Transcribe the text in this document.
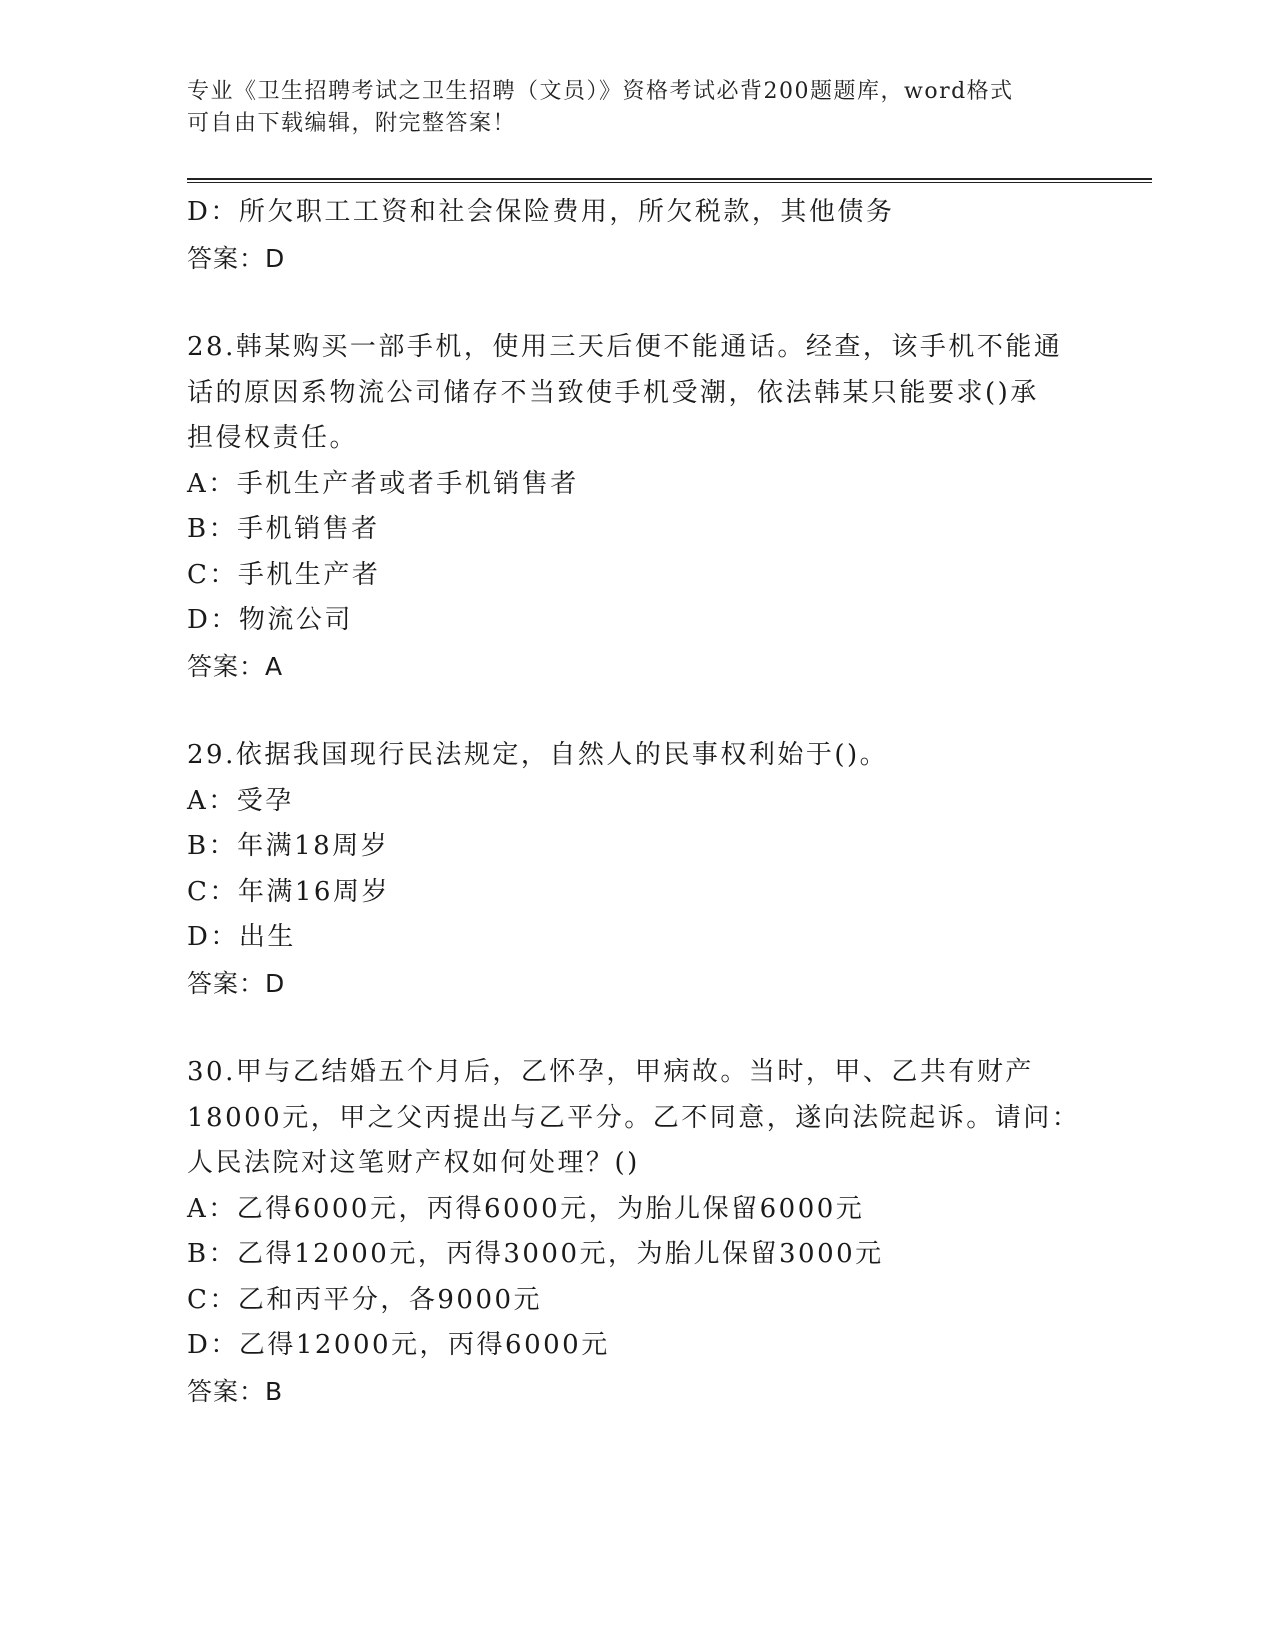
专业《卫生招聘考试之卫生招聘（文员）》资格考试必背200题题库，word格式
可自由下载编辑，附完整答案！
D：所欠职工工资和社会保险费用，所欠税款，其他债务
答案：D
28.韩某购买一部手机，使用三天后便不能通话。经查，该手机不能通
话的原因系物流公司储存不当致使手机受潮，依法韩某只能要求()承
担侵权责任。
A：手机生产者或者手机销售者
B：手机销售者
C：手机生产者
D：物流公司
答案：A
29.依据我国现行民法规定，自然人的民事权利始于()。
A：受孕
B：年满18周岁
C：年满16周岁
D：出生
答案：D
30.甲与乙结婚五个月后，乙怀孕，甲病故。当时，甲、乙共有财产
18000元，甲之父丙提出与乙平分。乙不同意，遂向法院起诉。请问：
人民法院对这笔财产权如何处理？()
A：乙得6000元，丙得6000元，为胎儿保留6000元
B：乙得12000元，丙得3000元，为胎儿保留3000元
C：乙和丙平分，各9000元
D：乙得12000元，丙得6000元
答案：B
